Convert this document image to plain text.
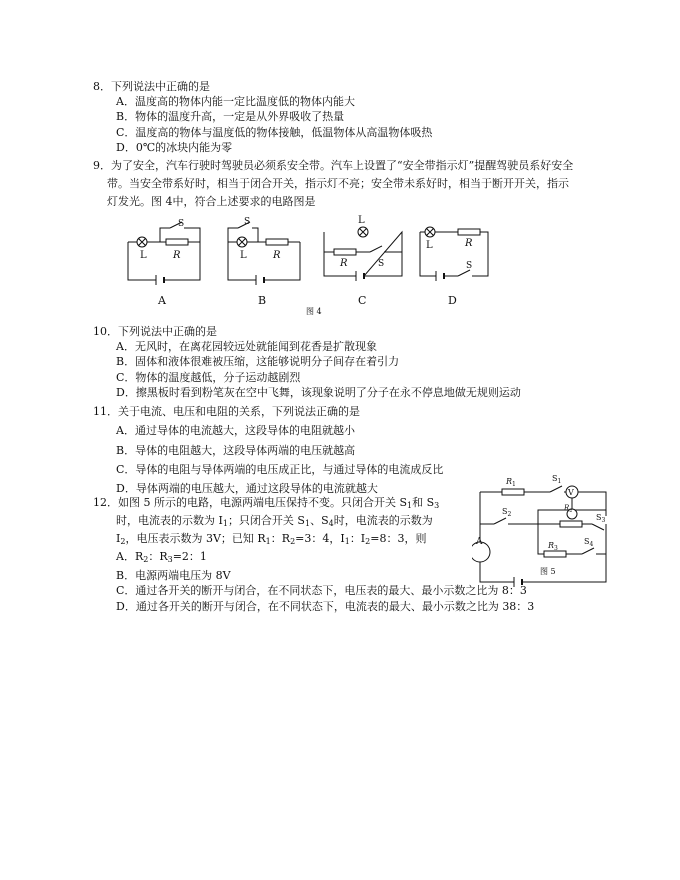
8．下列说法中正确的是
A．温度高的物体内能一定比温度低的物体内能大
B．物体的温度升高，一定是从外界吸收了热量
C．温度高的物体与温度低的物体接触，低温物体从高温物体吸热
D．0℃的冰块内能为零
9．为了安全，汽车行驶时驾驶员必须系安全带。汽车上设置了“安全带指示灯”提醒驾驶员系好安全
带。当安全带系好时，相当于闭合开关，指示灯不亮；安全带未系好时，相当于断开开关，指示
灯发光。图 4中，符合上述要求的电路图是
L	R
S
A
L	R
S
B
L
R	S
C
L	R
S
D
图 4
10．下列说法中正确的是
A．无风时，在离花园较远处就能闻到花香是扩散现象
B．固体和液体很难被压缩，这能够说明分子间存在着引力
C．物体的温度越低，分子运动越剧烈
D．擦黑板时看到粉笔灰在空中飞舞，该现象说明了分子在永不停息地做无规则运动
11．关于电流、电压和电阻的关系，下列说法正确的是
A．通过导体的电流越大，这段导体的电阻就越小
B．导体的电阻越大，这段导体两端的电压就越高
C．导体的电阻与导体两端的电压成正比，与通过导体的电流成反比
D．导体两端的电压越大，通过这段导体的电流就越大
12．如图 5 所示的电路，电源两端电压保持不变。只闭合开关 $S_1$和 $S_3$
时，电流表的示数为 $I_1$；只闭合开关 $S_1$、$S_4$时，电流表的示数为
$I_2$，电压表示数为 3V；已知 $R_1$：$R_2=3$：4，$I_1$：$I_2=8$：3，则
A．$R_2$：$R_3=2$：1
B．电源两端电压为 8V
C．通过各开关的断开与闭合，在不同状态下，电压表的最大、最小示数之比为 8：3
D．通过各开关的断开与闭合，在不同状态下，电流表的最大、最小示数之比为 38：3
A
$R_1$
$S_1$
V
$S_2$
$R_2$
$S_3$
$R_3$
$S_4$
图 5
